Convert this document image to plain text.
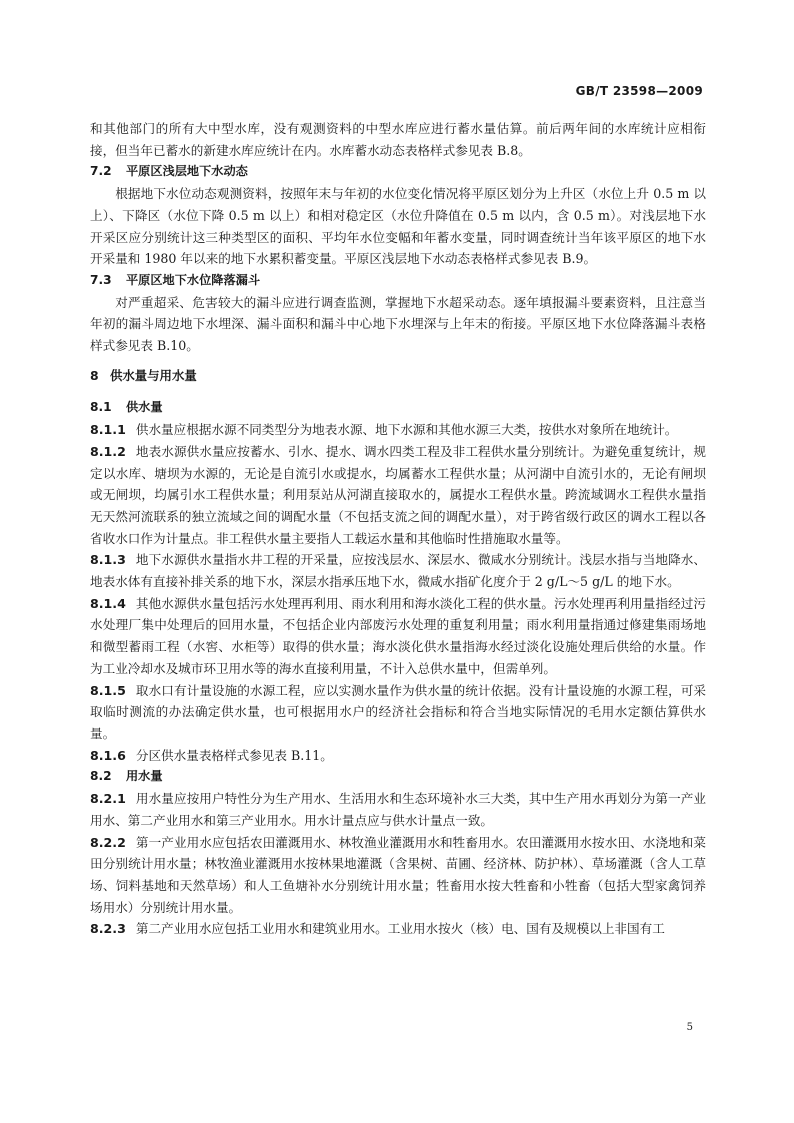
GB/T 23598—2009

和其他部门的所有大中型水库，没有观测资料的中型水库应进行蓄水量估算。前后两年间的水库统计应相衔接，但当年已蓄水的新建水库应统计在内。水库蓄水动态表格样式参见表 B.8。

7.2 平原区浅层地下水动态

根据地下水位动态观测资料，按照年末与年初的水位变化情况将平原区划分为上升区（水位上升 0.5 m 以上）、下降区（水位下降 0.5 m 以上）和相对稳定区（水位升降值在 0.5 m 以内，含 0.5 m）。对浅层地下水开采区应分别统计这三种类型区的面积、平均年水位变幅和年蓄水变量，同时调查统计当年该平原区的地下水开采量和 1980 年以来的地下水累积蓄变量。平原区浅层地下水动态表格样式参见表 B.9。

7.3 平原区地下水位降落漏斗

对严重超采、危害较大的漏斗应进行调查监测，掌握地下水超采动态。逐年填报漏斗要素资料，且注意当年初的漏斗周边地下水埋深、漏斗面积和漏斗中心地下水埋深与上年末的衔接。平原区地下水位降落漏斗表格样式参见表 B.10。

8 供水量与用水量
8.1 供水量

8.1.1 供水量应根据水源不同类型分为地表水源、地下水源和其他水源三大类，按供水对象所在地统计。

8.1.2 地表水源供水量应按蓄水、引水、提水、调水四类工程及非工程供水量分别统计。为避免重复统计，规定以水库、塘坝为水源的，无论是自流引水或提水，均属蓄水工程供水量；从河湖中自流引水的，无论有闸坝或无闸坝，均属引水工程供水量；利用泵站从河湖直接取水的，属提水工程供水量。跨流域调水工程供水量指无天然河流联系的独立流域之间的调配水量（不包括支流之间的调配水量），对于跨省级行政区的调水工程以各省收水口作为计量点。非工程供水量主要指人工载运水量和其他临时性措施取水量等。

8.1.3 地下水源供水量指水井工程的开采量，应按浅层水、深层水、微咸水分别统计。浅层水指与当地降水、地表水体有直接补排关系的地下水，深层水指承压地下水，微咸水指矿化度介于 2 g/L～5 g/L 的地下水。

8.1.4 其他水源供水量包括污水处理再利用、雨水利用和海水淡化工程的供水量。污水处理再利用量指经过污水处理厂集中处理后的回用水量，不包括企业内部废污水处理的重复利用量；雨水利用量指通过修建集雨场地和微型蓄雨工程（水窖、水柜等）取得的供水量；海水淡化供水量指海水经过淡化设施处理后供给的水量。作为工业冷却水及城市环卫用水等的海水直接利用量，不计入总供水量中，但需单列。

8.1.5 取水口有计量设施的水源工程，应以实测水量作为供水量的统计依据。没有计量设施的水源工程，可采取临时测流的办法确定供水量，也可根据用水户的经济社会指标和符合当地实际情况的毛用水定额估算供水量。

8.1.6 分区供水量表格样式参见表 B.11。

8.2 用水量

8.2.1 用水量应按用户特性分为生产用水、生活用水和生态环境补水三大类，其中生产用水再划分为第一产业用水、第二产业用水和第三产业用水。用水计量点应与供水计量点一致。

8.2.2 第一产业用水应包括农田灌溉用水、林牧渔业灌溉用水和牲畜用水。农田灌溉用水按水田、水浇地和菜田分别统计用水量；林牧渔业灌溉用水按林果地灌溉（含果树、苗圃、经济林、防护林）、草场灌溉（含人工草场、饲料基地和天然草场）和人工鱼塘补水分别统计用水量；牲畜用水按大牲畜和小牲畜（包括大型家禽饲养场用水）分别统计用水量。

8.2.3 第二产业用水应包括工业用水和建筑业用水。工业用水按火（核）电、国有及规模以上非国有工

5
